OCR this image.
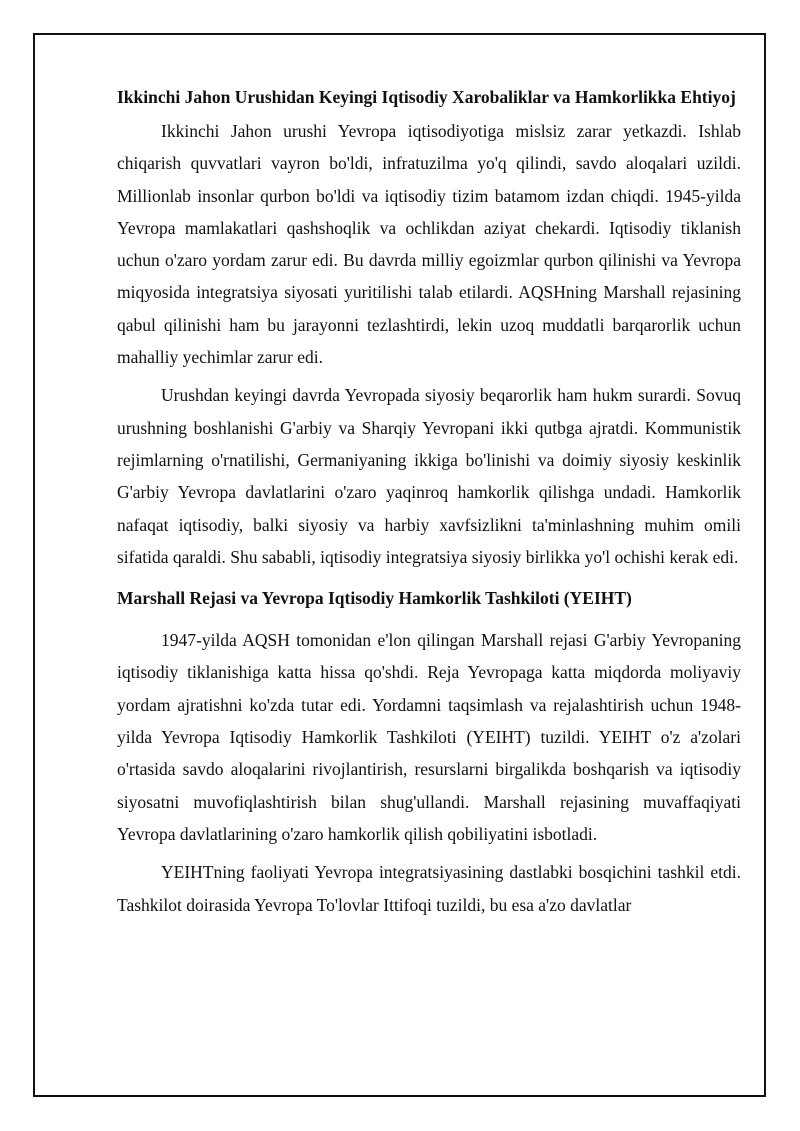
Ikkinchi Jahon Urushidan Keyingi Iqtisodiy Xarobaliklar va Hamkorlikka Ehtiyoj

Ikkinchi Jahon urushi Yevropa iqtisodiyotiga mislsiz zarar yetkazdi. Ishlab chiqarish quvvatlari vayron bo'ldi, infratuzilma yo'q qilindi, savdo aloqalari uzildi. Millionlab insonlar qurbon bo'ldi va iqtisodiy tizim batamom izdan chiqdi. 1945-yilda Yevropa mamlakatlari qashshoqlik va ochlikdan aziyat chekardi. Iqtisodiy tiklanish uchun o'zaro yordam zarur edi. Bu davrda milliy egoizmlar qurbon qilinishi va Yevropa miqyosida integratsiya siyosati yuritilishi talab etilardi. AQSHning Marshall rejasining qabul qilinishi ham bu jarayonni tezlashtirdi, lekin uzoq muddatli barqarorlik uchun mahalliy yechimlar zarur edi.

Urushdan keyingi davrda Yevropada siyosiy beqarorlik ham hukm surardi. Sovuq urushning boshlanishi G'arbiy va Sharqiy Yevropani ikki qutbga ajratdi. Kommunistik rejimlarning o'rnatilishi, Germaniyaning ikkiga bo'linishi va doimiy siyosiy keskinlik G'arbiy Yevropa davlatlarini o'zaro yaqinroq hamkorlik qilishga undadi. Hamkorlik nafaqat iqtisodiy, balki siyosiy va harbiy xavfsizlikni ta'minlashning muhim omili sifatida qaraldi. Shu sababli, iqtisodiy integratsiya siyosiy birlikka yo'l ochishi kerak edi.

Marshall Rejasi va Yevropa Iqtisodiy Hamkorlik Tashkiloti (YEIHT)

1947-yilda AQSH tomonidan e'lon qilingan Marshall rejasi G'arbiy Yevropaning iqtisodiy tiklanishiga katta hissa qo'shdi. Reja Yevropaga katta miqdorda moliyaviy yordam ajratishni ko'zda tutar edi. Yordamni taqsimlash va rejalashtirish uchun 1948-yilda Yevropa Iqtisodiy Hamkorlik Tashkiloti (YEIHT) tuzildi. YEIHT o'z a'zolari o'rtasida savdo aloqalarini rivojlantirish, resurslarni birgalikda boshqarish va iqtisodiy siyosatni muvofiqlashtirish bilan shug'ullandi. Marshall rejasining muvaffaqiyati Yevropa davlatlarining o'zaro hamkorlik qilish qobiliyatini isbotladi.

YEIHTning faoliyati Yevropa integratsiyasining dastlabki bosqichini tashkil etdi. Tashkilot doirasida Yevropa To'lovlar Ittifoqi tuzildi, bu esa a'zo davlatlar
